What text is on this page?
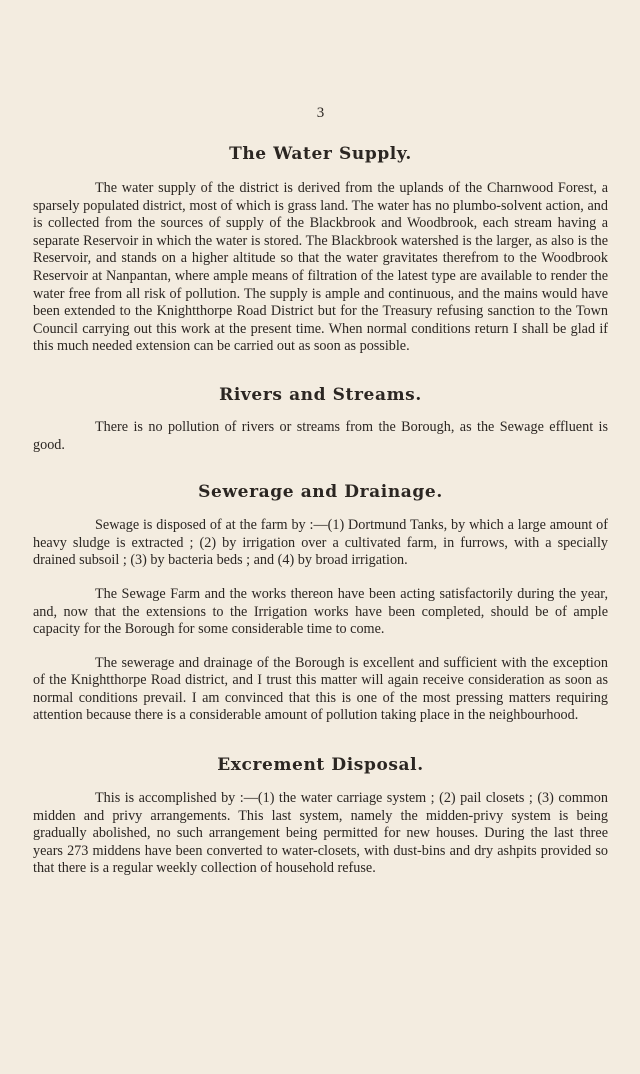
3
The Water Supply.

The water supply of the district is derived from the uplands of the Charnwood Forest, a sparsely populated district, most of which is grass land. The water has no plumbo-solvent action, and is collected from the sources of supply of the Blackbrook and Woodbrook, each stream having a separate Reservoir in which the water is stored. The Blackbrook watershed is the larger, as also is the Reservoir, and stands on a higher altitude so that the water gravitates therefrom to the Woodbrook Reservoir at Nanpantan, where ample means of filtration of the latest type are available to render the water free from all risk of pollution. The supply is ample and continuous, and the mains would have been extended to the Knightthorpe Road District but for the Treasury refusing sanction to the Town Council carrying out this work at the present time. When normal conditions return I shall be glad if this much needed extension can be carried out as soon as possible.

Rivers and Streams.

There is no pollution of rivers or streams from the Borough, as the Sewage effluent is good.

Sewerage and Drainage.

Sewage is disposed of at the farm by :—(1) Dortmund Tanks, by which a large amount of heavy sludge is extracted ; (2) by irrigation over a cultivated farm, in furrows, with a specially drained subsoil ; (3) by bacteria beds ; and (4) by broad irrigation.

The Sewage Farm and the works thereon have been acting satisfactorily during the year, and, now that the extensions to the Irrigation works have been completed, should be of ample capacity for the Borough for some considerable time to come.

The sewerage and drainage of the Borough is excellent and sufficient with the exception of the Knightthorpe Road district, and I trust this matter will again receive consideration as soon as normal conditions prevail. I am convinced that this is one of the most pressing matters requiring attention because there is a considerable amount of pollution taking place in the neighbourhood.

Excrement Disposal.

This is accomplished by :—(1) the water carriage system ; (2) pail closets ; (3) common midden and privy arrangements. This last system, namely the midden-privy system is being gradually abolished, no such arrangement being permitted for new houses. During the last three years 273 middens have been converted to water-closets, with dust-bins and dry ashpits provided so that there is a regular weekly collection of household refuse.
